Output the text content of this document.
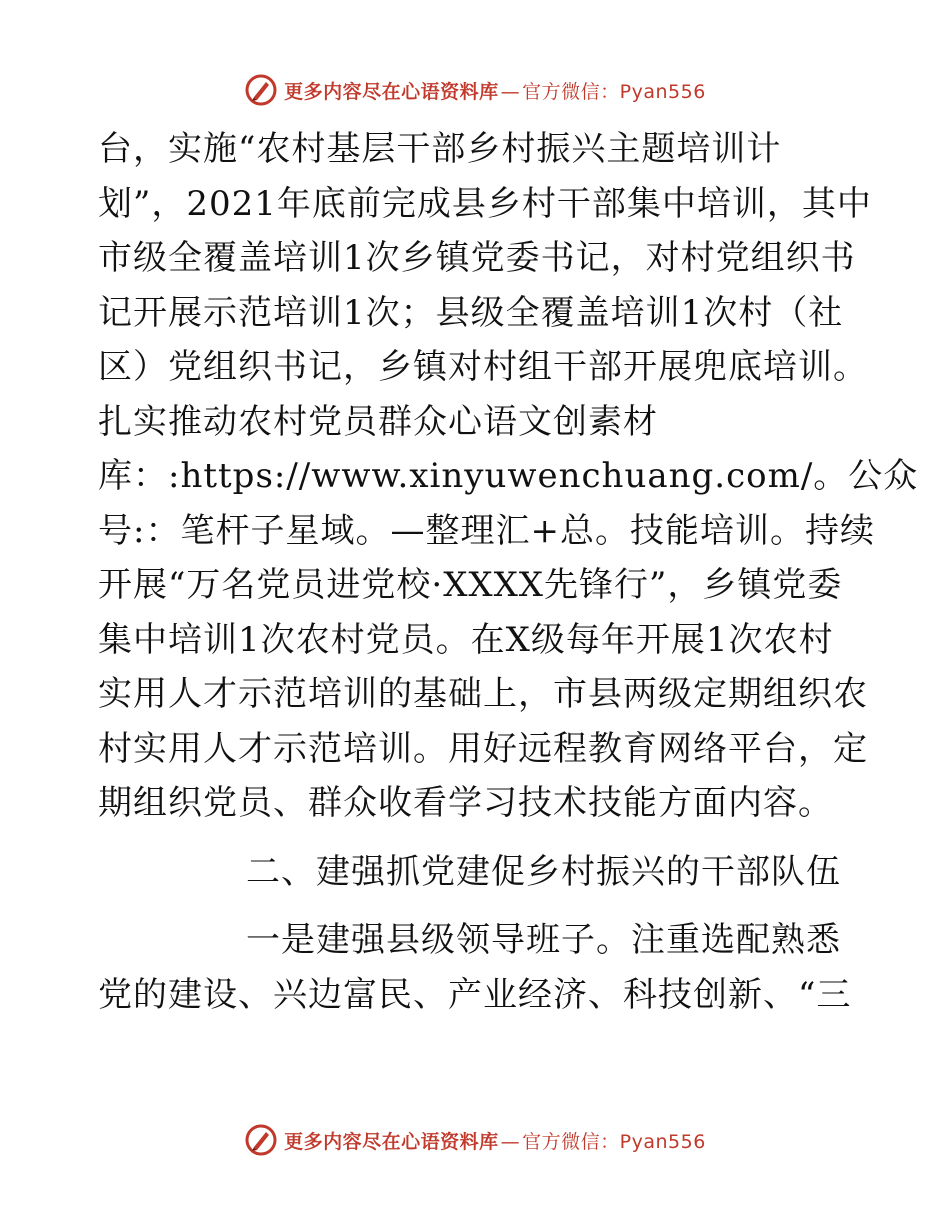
更多内容尽在心语资料库 — 官方微信：Pyan556
台，实施“农村基层干部乡村振兴主题培训计
划”，2021年底前完成县乡村干部集中培训，其中
市级全覆盖培训1次乡镇党委书记，对村党组织书
记开展示范培训1次；县级全覆盖培训1次村（社
区）党组织书记，乡镇对村组干部开展兜底培训。
扎实推动农村党员群众心语文创素材
库：:https://www.xinyuwenchuang.com/。公众
号:：笔杆子星域。—整理汇+总。技能培训。持续
开展“万名党员进党校·XXXX先锋行”，乡镇党委
集中培训1次农村党员。在X级每年开展1次农村
实用人才示范培训的基础上，市县两级定期组织农
村实用人才示范培训。用好远程教育网络平台，定
期组织党员、群众收看学习技术技能方面内容。
二、建强抓党建促乡村振兴的干部队伍
一是建强县级领导班子。注重选配熟悉
党的建设、兴边富民、产业经济、科技创新、“三
更多内容尽在心语资料库 — 官方微信：Pyan556
